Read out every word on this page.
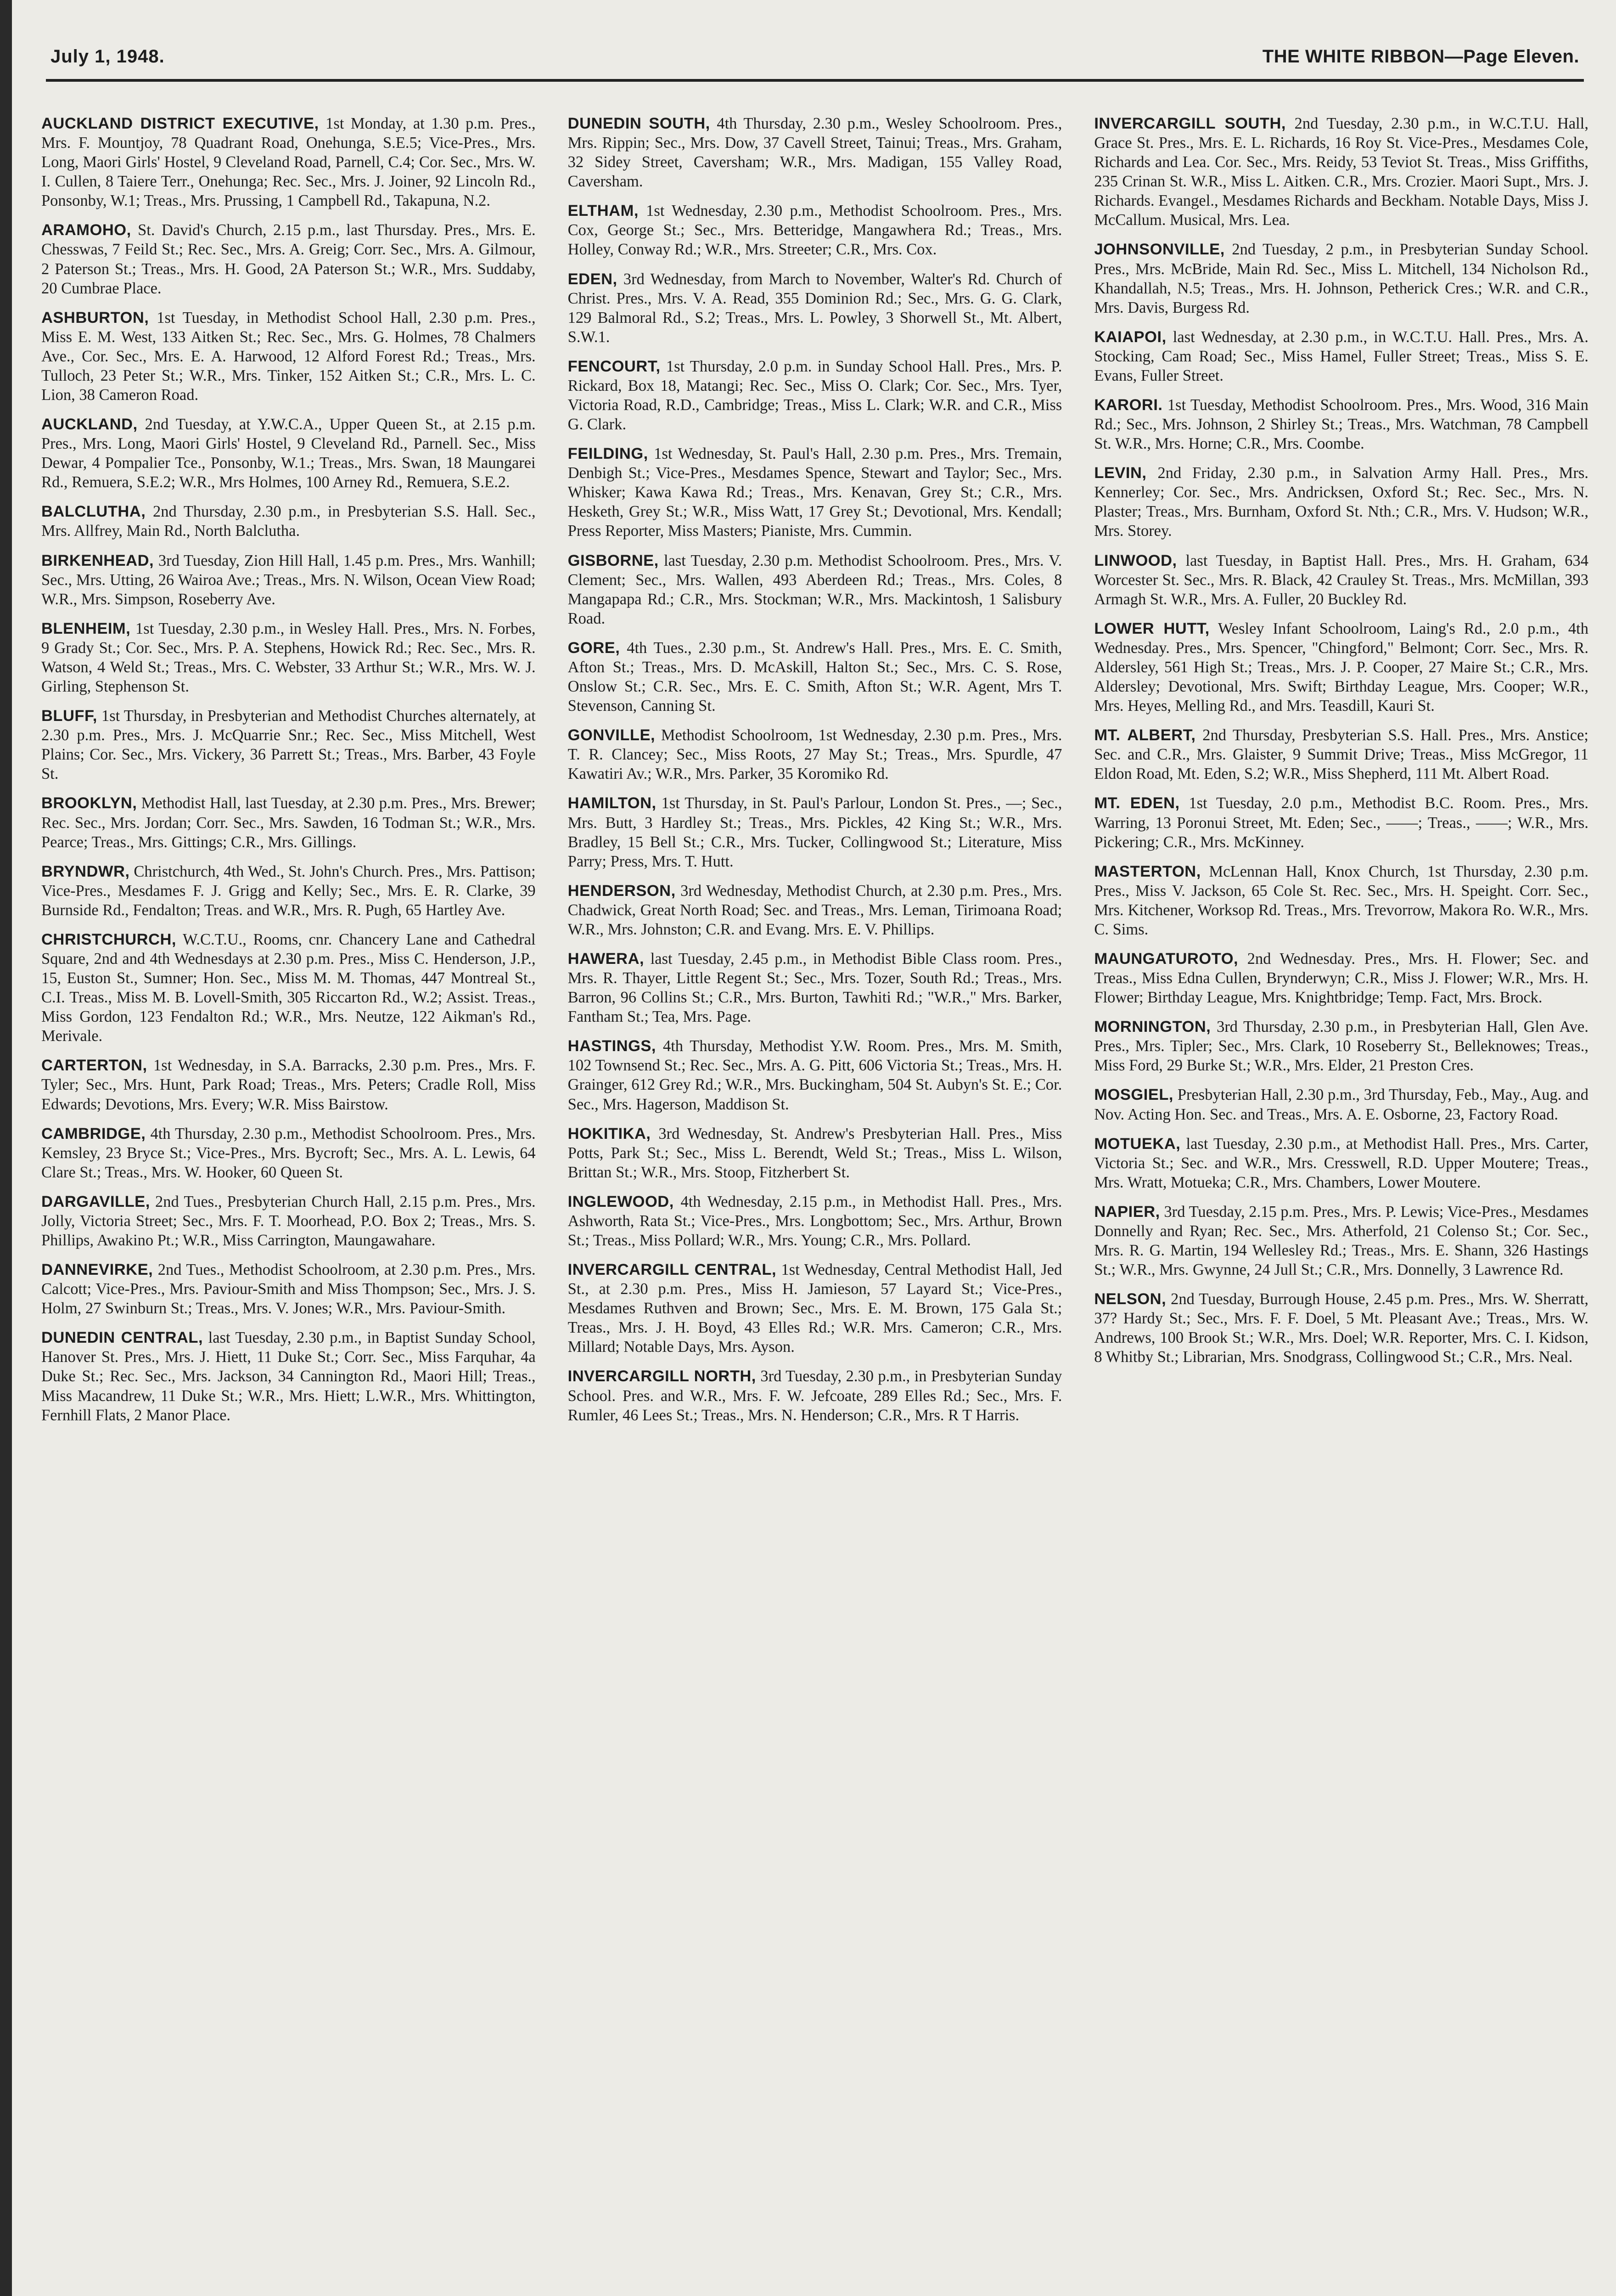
July 1, 1948.	THE WHITE RIBBON—Page Eleven.

AUCKLAND DISTRICT EXECUTIVE, 1st Monday, at 1.30 p.m. Pres., Mrs. F. Mountjoy, 78 Quadrant Road, Onehunga, S.E.5; Vice-Pres., Mrs. Long, Maori Girls' Hostel, 9 Cleveland Road, Parnell, C.4; Cor. Sec., Mrs. W. I. Cullen, 8 Taiere Terr., Onehunga; Rec. Sec., Mrs. J. Joiner, 92 Lincoln Rd., Ponsonby, W.1; Treas., Mrs. Prussing, 1 Campbell Rd., Takapuna, N.2.

ARAMOHO, St. David's Church, 2.15 p.m., last Thursday. Pres., Mrs. E. Chesswas, 7 Feild St.; Rec. Sec., Mrs. A. Greig; Corr. Sec., Mrs. A. Gilmour, 2 Paterson St.; Treas., Mrs. H. Good, 2A Paterson St.; W.R., Mrs. Suddaby, 20 Cumbrae Place.

ASHBURTON, 1st Tuesday, in Methodist School Hall, 2.30 p.m. Pres., Miss E. M. West, 133 Aitken St.; Rec. Sec., Mrs. G. Holmes, 78 Chalmers Ave., Cor. Sec., Mrs. E. A. Harwood, 12 Alford Forest Rd.; Treas., Mrs. Tulloch, 23 Peter St.; W.R., Mrs. Tinker, 152 Aitken St.; C.R., Mrs. L. C. Lion, 38 Cameron Road.

AUCKLAND, 2nd Tuesday, at Y.W.C.A., Upper Queen St., at 2.15 p.m. Pres., Mrs. Long, Maori Girls' Hostel, 9 Cleveland Rd., Parnell. Sec., Miss Dewar, 4 Pompalier Tce., Ponsonby, W.1.; Treas., Mrs. Swan, 18 Maungarei Rd., Remuera, S.E.2; W.R., Mrs Holmes, 100 Arney Rd., Remuera, S.E.2.

BALCLUTHA, 2nd Thursday, 2.30 p.m., in Presbyterian S.S. Hall. Sec., Mrs. Allfrey, Main Rd., North Balclutha.

BIRKENHEAD, 3rd Tuesday, Zion Hill Hall, 1.45 p.m. Pres., Mrs. Wanhill; Sec., Mrs. Utting, 26 Wairoa Ave.; Treas., Mrs. N. Wilson, Ocean View Road; W.R., Mrs. Simpson, Roseberry Ave.

BLENHEIM, 1st Tuesday, 2.30 p.m., in Wesley Hall. Pres., Mrs. N. Forbes, 9 Grady St.; Cor. Sec., Mrs. P. A. Stephens, Howick Rd.; Rec. Sec., Mrs. R. Watson, 4 Weld St.; Treas., Mrs. C. Webster, 33 Arthur St.; W.R., Mrs. W. J. Girling, Stephenson St.

BLUFF, 1st Thursday, in Presbyterian and Methodist Churches alternately, at 2.30 p.m. Pres., Mrs. J. McQuarrie Snr.; Rec. Sec., Miss Mitchell, West Plains; Cor. Sec., Mrs. Vickery, 36 Parrett St.; Treas., Mrs. Barber, 43 Foyle St.

BROOKLYN, Methodist Hall, last Tuesday, at 2.30 p.m. Pres., Mrs. Brewer; Rec. Sec., Mrs. Jordan; Corr. Sec., Mrs. Sawden, 16 Todman St.; W.R., Mrs. Pearce; Treas., Mrs. Gittings; C.R., Mrs. Gillings.

BRYNDWR, Christchurch, 4th Wed., St. John's Church. Pres., Mrs. Pattison; Vice-Pres., Mesdames F. J. Grigg and Kelly; Sec., Mrs. E. R. Clarke, 39 Burnside Rd., Fendalton; Treas. and W.R., Mrs. R. Pugh, 65 Hartley Ave.

CHRISTCHURCH, W.C.T.U., Rooms, cnr. Chancery Lane and Cathedral Square, 2nd and 4th Wednesdays at 2.30 p.m. Pres., Miss C. Henderson, J.P., 15, Euston St., Sumner; Hon. Sec., Miss M. M. Thomas, 447 Montreal St., C.I. Treas., Miss M. B. Lovell-Smith, 305 Riccarton Rd., W.2; Assist. Treas., Miss Gordon, 123 Fendalton Rd.; W.R., Mrs. Neutze, 122 Aikman's Rd., Merivale.

CARTERTON, 1st Wednesday, in S.A. Barracks, 2.30 p.m. Pres., Mrs. F. Tyler; Sec., Mrs. Hunt, Park Road; Treas., Mrs. Peters; Cradle Roll, Miss Edwards; Devotions, Mrs. Every; W.R. Miss Bairstow.

CAMBRIDGE, 4th Thursday, 2.30 p.m., Methodist Schoolroom. Pres., Mrs. Kemsley, 23 Bryce St.; Vice-Pres., Mrs. Bycroft; Sec., Mrs. A. L. Lewis, 64 Clare St.; Treas., Mrs. W. Hooker, 60 Queen St.

DARGAVILLE, 2nd Tues., Presbyterian Church Hall, 2.15 p.m. Pres., Mrs. Jolly, Victoria Street; Sec., Mrs. F. T. Moorhead, P.O. Box 2; Treas., Mrs. S. Phillips, Awakino Pt.; W.R., Miss Carrington, Maungawahare.

DANNEVIRKE, 2nd Tues., Methodist Schoolroom, at 2.30 p.m. Pres., Mrs. Calcott; Vice-Pres., Mrs. Paviour-Smith and Miss Thompson; Sec., Mrs. J. S. Holm, 27 Swinburn St.; Treas., Mrs. V. Jones; W.R., Mrs. Paviour-Smith.

DUNEDIN CENTRAL, last Tuesday, 2.30 p.m., in Baptist Sunday School, Hanover St. Pres., Mrs. J. Hiett, 11 Duke St.; Corr. Sec., Miss Farquhar, 4a Duke St.; Rec. Sec., Mrs. Jackson, 34 Cannington Rd., Maori Hill; Treas., Miss Macandrew, 11 Duke St.; W.R., Mrs. Hiett; L.W.R., Mrs. Whittington, Fernhill Flats, 2 Manor Place.

DUNEDIN SOUTH, 4th Thursday, 2.30 p.m., Wesley Schoolroom. Pres., Mrs. Rippin; Sec., Mrs. Dow, 37 Cavell Street, Tainui; Treas., Mrs. Graham, 32 Sidey Street, Caversham; W.R., Mrs. Madigan, 155 Valley Road, Caversham.

ELTHAM, 1st Wednesday, 2.30 p.m., Methodist Schoolroom. Pres., Mrs. Cox, George St.; Sec., Mrs. Betteridge, Mangawhera Rd.; Treas., Mrs. Holley, Conway Rd.; W.R., Mrs. Streeter; C.R., Mrs. Cox.

EDEN, 3rd Wednesday, from March to November, Walter's Rd. Church of Christ. Pres., Mrs. V. A. Read, 355 Dominion Rd.; Sec., Mrs. G. G. Clark, 129 Balmoral Rd., S.2; Treas., Mrs. L. Powley, 3 Shorwell St., Mt. Albert, S.W.1.

FENCOURT, 1st Thursday, 2.0 p.m. in Sunday School Hall. Pres., Mrs. P. Rickard, Box 18, Matangi; Rec. Sec., Miss O. Clark; Cor. Sec., Mrs. Tyer, Victoria Road, R.D., Cambridge; Treas., Miss L. Clark; W.R. and C.R., Miss G. Clark.

FEILDING, 1st Wednesday, St. Paul's Hall, 2.30 p.m. Pres., Mrs. Tremain, Denbigh St.; Vice-Pres., Mesdames Spence, Stewart and Taylor; Sec., Mrs. Whisker; Kawa Kawa Rd.; Treas., Mrs. Kenavan, Grey St.; C.R., Mrs. Hesketh, Grey St.; W.R., Miss Watt, 17 Grey St.; Devotional, Mrs. Kendall; Press Reporter, Miss Masters; Pianiste, Mrs. Cummin.

GISBORNE, last Tuesday, 2.30 p.m. Methodist Schoolroom. Pres., Mrs. V. Clement; Sec., Mrs. Wallen, 493 Aberdeen Rd.; Treas., Mrs. Coles, 8 Mangapapa Rd.; C.R., Mrs. Stockman; W.R., Mrs. Mackintosh, 1 Salisbury Road.

GORE, 4th Tues., 2.30 p.m., St. Andrew's Hall. Pres., Mrs. E. C. Smith, Afton St.; Treas., Mrs. D. McAskill, Halton St.; Sec., Mrs. C. S. Rose, Onslow St.; C.R. Sec., Mrs. E. C. Smith, Afton St.; W.R. Agent, Mrs T. Stevenson, Canning St.

GONVILLE, Methodist Schoolroom, 1st Wednesday, 2.30 p.m. Pres., Mrs. T. R. Clancey; Sec., Miss Roots, 27 May St.; Treas., Mrs. Spurdle, 47 Kawatiri Av.; W.R., Mrs. Parker, 35 Koromiko Rd.

HAMILTON, 1st Thursday, in St. Paul's Parlour, London St. Pres., —; Sec., Mrs. Butt, 3 Hardley St.; Treas., Mrs. Pickles, 42 King St.; W.R., Mrs. Bradley, 15 Bell St.; C.R., Mrs. Tucker, Collingwood St.; Literature, Miss Parry; Press, Mrs. T. Hutt.

HENDERSON, 3rd Wednesday, Methodist Church, at 2.30 p.m. Pres., Mrs. Chadwick, Great North Road; Sec. and Treas., Mrs. Leman, Tirimoana Road; W.R., Mrs. Johnston; C.R. and Evang. Mrs. E. V. Phillips.

HAWERA, last Tuesday, 2.45 p.m., in Methodist Bible Class room. Pres., Mrs. R. Thayer, Little Regent St.; Sec., Mrs. Tozer, South Rd.; Treas., Mrs. Barron, 96 Collins St.; C.R., Mrs. Burton, Tawhiti Rd.; "W.R.," Mrs. Barker, Fantham St.; Tea, Mrs. Page.

HASTINGS, 4th Thursday, Methodist Y.W. Room. Pres., Mrs. M. Smith, 102 Townsend St.; Rec. Sec., Mrs. A. G. Pitt, 606 Victoria St.; Treas., Mrs. H. Grainger, 612 Grey Rd.; W.R., Mrs. Buckingham, 504 St. Aubyn's St. E.; Cor. Sec., Mrs. Hagerson, Maddison St.

HOKITIKA, 3rd Wednesday, St. Andrew's Presbyterian Hall. Pres., Miss Potts, Park St.; Sec., Miss L. Berendt, Weld St.; Treas., Miss L. Wilson, Brittan St.; W.R., Mrs. Stoop, Fitzherbert St.

INGLEWOOD, 4th Wednesday, 2.15 p.m., in Methodist Hall. Pres., Mrs. Ashworth, Rata St.; Vice-Pres., Mrs. Longbottom; Sec., Mrs. Arthur, Brown St.; Treas., Miss Pollard; W.R., Mrs. Young; C.R., Mrs. Pollard.

INVERCARGILL CENTRAL, 1st Wednesday, Central Methodist Hall, Jed St., at 2.30 p.m. Pres., Miss H. Jamieson, 57 Layard St.; Vice-Pres., Mesdames Ruthven and Brown; Sec., Mrs. E. M. Brown, 175 Gala St.; Treas., Mrs. J. H. Boyd, 43 Elles Rd.; W.R. Mrs. Cameron; C.R., Mrs. Millard; Notable Days, Mrs. Ayson.

INVERCARGILL NORTH, 3rd Tuesday, 2.30 p.m., in Presbyterian Sunday School. Pres. and W.R., Mrs. F. W. Jefcoate, 289 Elles Rd.; Sec., Mrs. F. Rumler, 46 Lees St.; Treas., Mrs. N. Henderson; C.R., Mrs. R T Harris.

INVERCARGILL SOUTH, 2nd Tuesday, 2.30 p.m., in W.C.T.U. Hall, Grace St. Pres., Mrs. E. L. Richards, 16 Roy St. Vice-Pres., Mesdames Cole, Richards and Lea. Cor. Sec., Mrs. Reidy, 53 Teviot St. Treas., Miss Griffiths, 235 Crinan St. W.R., Miss L. Aitken. C.R., Mrs. Crozier. Maori Supt., Mrs. J. Richards. Evangel., Mesdames Richards and Beckham. Notable Days, Miss J. McCallum. Musical, Mrs. Lea.

JOHNSONVILLE, 2nd Tuesday, 2 p.m., in Presbyterian Sunday School. Pres., Mrs. McBride, Main Rd. Sec., Miss L. Mitchell, 134 Nicholson Rd., Khandallah, N.5; Treas., Mrs. H. Johnson, Petherick Cres.; W.R. and C.R., Mrs. Davis, Burgess Rd.

KAIAPOI, last Wednesday, at 2.30 p.m., in W.C.T.U. Hall. Pres., Mrs. A. Stocking, Cam Road; Sec., Miss Hamel, Fuller Street; Treas., Miss S. E. Evans, Fuller Street.

KARORI. 1st Tuesday, Methodist Schoolroom. Pres., Mrs. Wood, 316 Main Rd.; Sec., Mrs. Johnson, 2 Shirley St.; Treas., Mrs. Watchman, 78 Campbell St. W.R., Mrs. Horne; C.R., Mrs. Coombe.

LEVIN, 2nd Friday, 2.30 p.m., in Salvation Army Hall. Pres., Mrs. Kennerley; Cor. Sec., Mrs. Andricksen, Oxford St.; Rec. Sec., Mrs. N. Plaster; Treas., Mrs. Burnham, Oxford St. Nth.; C.R., Mrs. V. Hudson; W.R., Mrs. Storey.

LINWOOD, last Tuesday, in Baptist Hall. Pres., Mrs. H. Graham, 634 Worcester St. Sec., Mrs. R. Black, 42 Crauley St. Treas., Mrs. McMillan, 393 Armagh St. W.R., Mrs. A. Fuller, 20 Buckley Rd.

LOWER HUTT, Wesley Infant Schoolroom, Laing's Rd., 2.0 p.m., 4th Wednesday. Pres., Mrs. Spencer, "Chingford," Belmont; Corr. Sec., Mrs. R. Aldersley, 561 High St.; Treas., Mrs. J. P. Cooper, 27 Maire St.; C.R., Mrs. Aldersley; Devotional, Mrs. Swift; Birthday League, Mrs. Cooper; W.R., Mrs. Heyes, Melling Rd., and Mrs. Teasdill, Kauri St.

MT. ALBERT, 2nd Thursday, Presbyterian S.S. Hall. Pres., Mrs. Anstice; Sec. and C.R., Mrs. Glaister, 9 Summit Drive; Treas., Miss McGregor, 11 Eldon Road, Mt. Eden, S.2; W.R., Miss Shepherd, 111 Mt. Albert Road.

MT. EDEN, 1st Tuesday, 2.0 p.m., Methodist B.C. Room. Pres., Mrs. Warring, 13 Poronui Street, Mt. Eden; Sec., ——; Treas., ——; W.R., Mrs. Pickering; C.R., Mrs. McKinney.

MASTERTON, McLennan Hall, Knox Church, 1st Thursday, 2.30 p.m. Pres., Miss V. Jackson, 65 Cole St. Rec. Sec., Mrs. H. Speight. Corr. Sec., Mrs. Kitchener, Worksop Rd. Treas., Mrs. Trevorrow, Makora Ro. W.R., Mrs. C. Sims.

MAUNGATUROTO, 2nd Wednesday. Pres., Mrs. H. Flower; Sec. and Treas., Miss Edna Cullen, Brynderwyn; C.R., Miss J. Flower; W.R., Mrs. H. Flower; Birthday League, Mrs. Knightbridge; Temp. Fact, Mrs. Brock.

MORNINGTON, 3rd Thursday, 2.30 p.m., in Presbyterian Hall, Glen Ave. Pres., Mrs. Tipler; Sec., Mrs. Clark, 10 Roseberry St., Belleknowes; Treas., Miss Ford, 29 Burke St.; W.R., Mrs. Elder, 21 Preston Cres.

MOSGIEL, Presbyterian Hall, 2.30 p.m., 3rd Thursday, Feb., May., Aug. and Nov. Acting Hon. Sec. and Treas., Mrs. A. E. Osborne, 23, Factory Road.

MOTUEKA, last Tuesday, 2.30 p.m., at Methodist Hall. Pres., Mrs. Carter, Victoria St.; Sec. and W.R., Mrs. Cresswell, R.D. Upper Moutere; Treas., Mrs. Wratt, Motueka; C.R., Mrs. Chambers, Lower Moutere.

NAPIER, 3rd Tuesday, 2.15 p.m. Pres., Mrs. P. Lewis; Vice-Pres., Mesdames Donnelly and Ryan; Rec. Sec., Mrs. Atherfold, 21 Colenso St.; Cor. Sec., Mrs. R. G. Martin, 194 Wellesley Rd.; Treas., Mrs. E. Shann, 326 Hastings St.; W.R., Mrs. Gwynne, 24 Jull St.; C.R., Mrs. Donnelly, 3 Lawrence Rd.

NELSON, 2nd Tuesday, Burrough House, 2.45 p.m. Pres., Mrs. W. Sherratt, 37? Hardy St.; Sec., Mrs. F. F. Doel, 5 Mt. Pleasant Ave.; Treas., Mrs. W. Andrews, 100 Brook St.; W.R., Mrs. Doel; W.R. Reporter, Mrs. C. I. Kidson, 8 Whitby St.; Librarian, Mrs. Snodgrass, Collingwood St.; C.R., Mrs. Neal.
